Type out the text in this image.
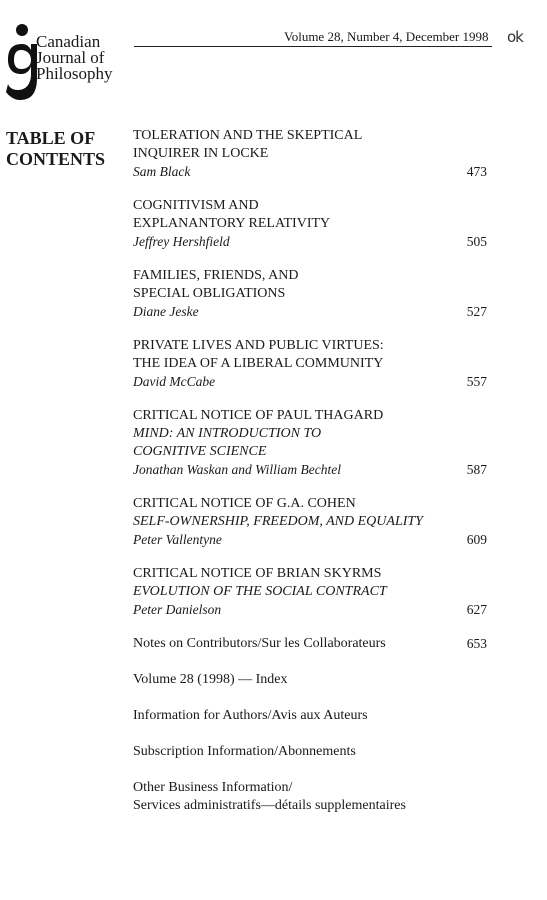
Canadian
Journal of
Philosophy
Volume 28, Number 4, December 1998 ok
TABLE OF
CONTENTS
TOLERATION AND THE SKEPTICAL
INQUIRER IN LOCKE
Sam Black	473
COGNITIVISM AND
EXPLANANTORY RELATIVITY
Jeffrey Hershfield	505
FAMILIES, FRIENDS, AND
SPECIAL OBLIGATIONS
Diane Jeske	527
PRIVATE LIVES AND PUBLIC VIRTUES:
THE IDEA OF A LIBERAL COMMUNITY
David McCabe	557
CRITICAL NOTICE OF PAUL THAGARD
MIND: AN INTRODUCTION TO
COGNITIVE SCIENCE
Jonathan Waskan and William Bechtel	587
CRITICAL NOTICE OF G.A. COHEN
SELF-OWNERSHIP, FREEDOM, AND EQUALITY
Peter Vallentyne	609
CRITICAL NOTICE OF BRIAN SKYRMS
EVOLUTION OF THE SOCIAL CONTRACT
Peter Danielson	627
Notes on Contributors/Sur les Collaborateurs	653
Volume 28 (1998) — Index
Information for Authors/Avis aux Auteurs
Subscription Information/Abonnements
Other Business Information/
Services administratifs—détails supplementaires
